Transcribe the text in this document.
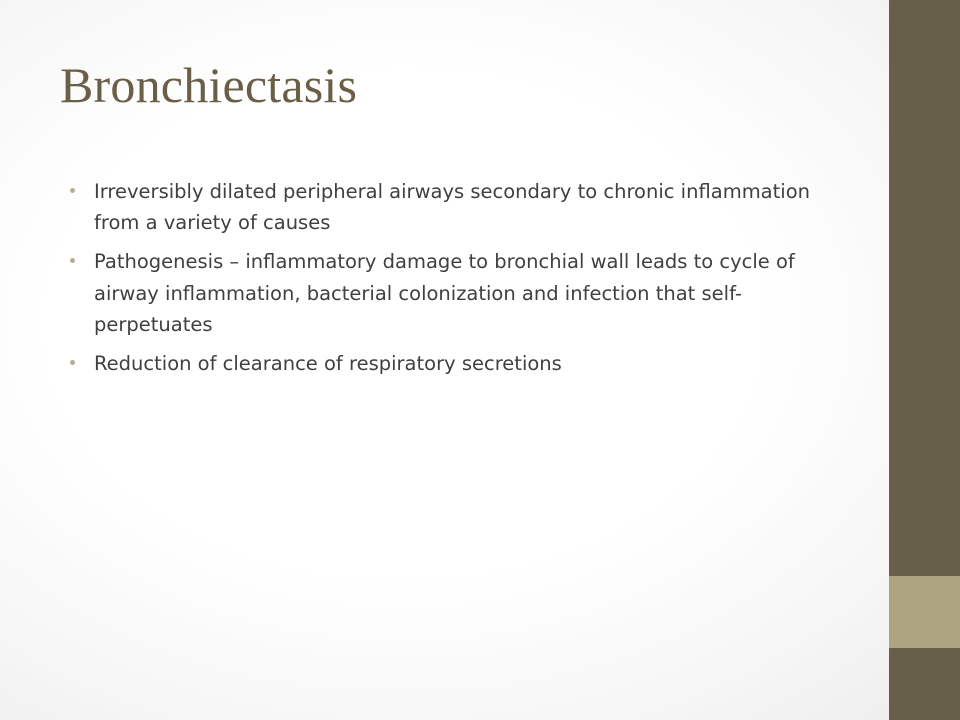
Bronchiectasis
Irreversibly dilated peripheral airways secondary to chronic inflammation from a variety of causes
Pathogenesis – inflammatory damage to bronchial wall leads to cycle of airway inflammation, bacterial colonization and infection that self-perpetuates
Reduction of clearance of respiratory secretions
